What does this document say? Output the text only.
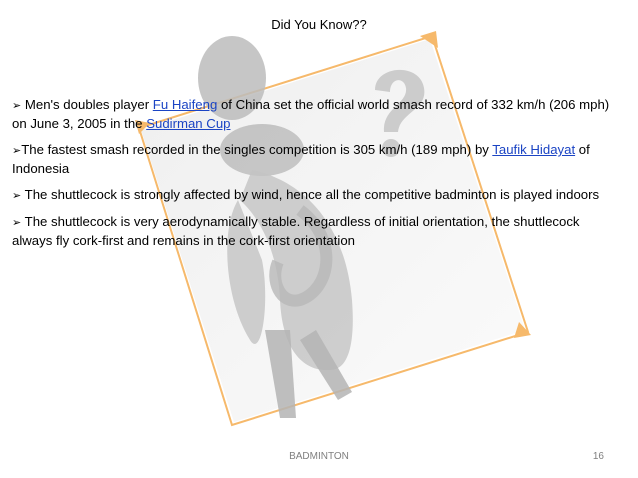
Did You Know??

➢ Men's doubles player Fu Haifeng of China set the official world smash record of 332 km/h (206 mph) on June 3, 2005 in the Sudirman Cup

➢The fastest smash recorded in the singles competition is 305 km/h (189 mph) by Taufik Hidayat of Indonesia

➢ The shuttlecock is strongly affected by wind, hence all the competitive badminton is played indoors

➢ The shuttlecock is very aerodynamically stable. Regardless of initial orientation, the shuttlecock always fly cork-first and remains in the cork-first orientation

BADMINTON	16
